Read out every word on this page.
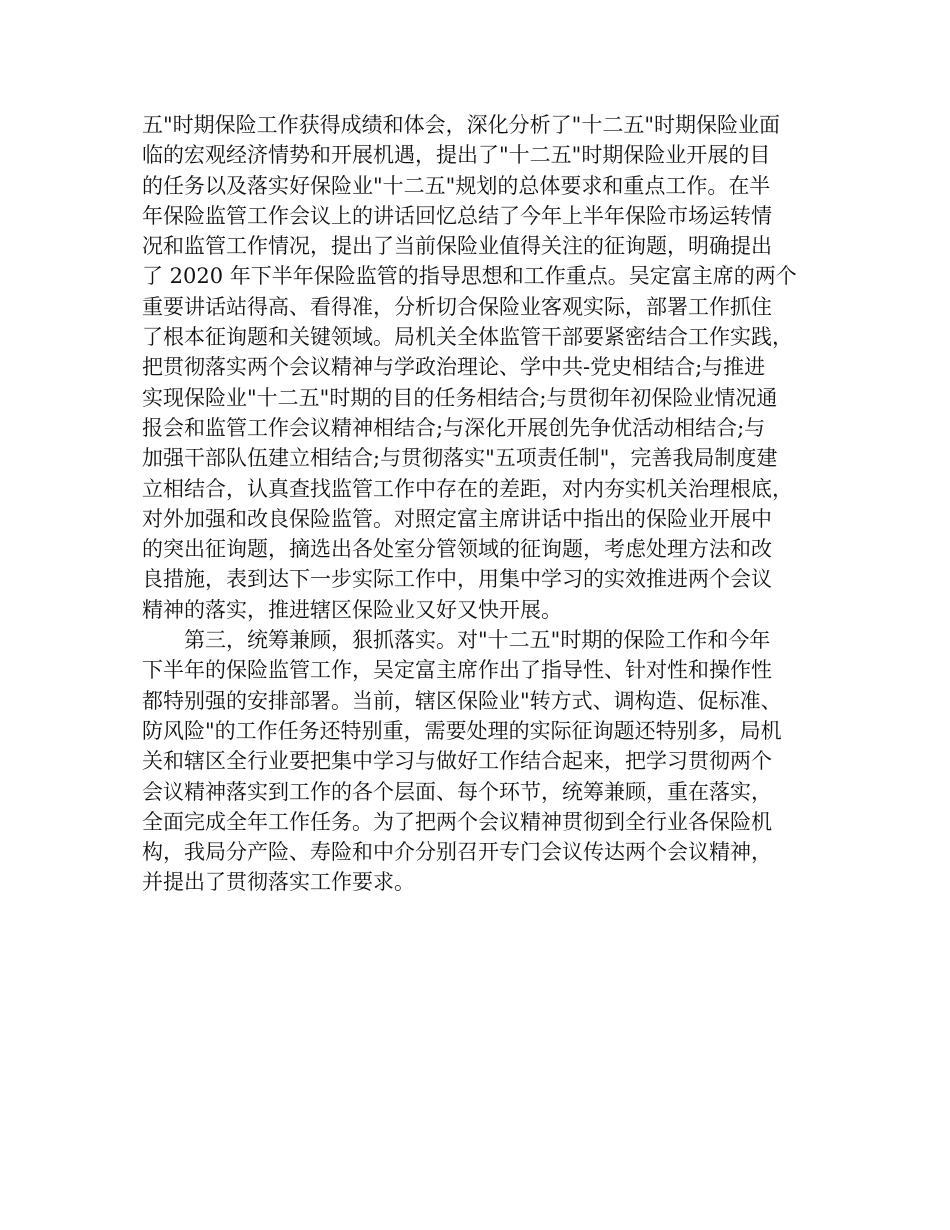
五"时期保险工作获得成绩和体会，深化分析了"十二五"时期保险业面
临的宏观经济情势和开展机遇，提出了"十二五"时期保险业开展的目
的任务以及落实好保险业"十二五"规划的总体要求和重点工作。在半
年保险监管工作会议上的讲话回忆总结了今年上半年保险市场运转情
况和监管工作情况，提出了当前保险业值得关注的征询题，明确提出
了 2020 年下半年保险监管的指导思想和工作重点。吴定富主席的两个
重要讲话站得高、看得准，分析切合保险业客观实际，部署工作抓住
了根本征询题和关键领域。局机关全体监管干部要紧密结合工作实践，
把贯彻落实两个会议精神与学政治理论、学中共-党史相结合;与推进
实现保险业"十二五"时期的目的任务相结合;与贯彻年初保险业情况通
报会和监管工作会议精神相结合;与深化开展创先争优活动相结合;与
加强干部队伍建立相结合;与贯彻落实"五项责任制"，完善我局制度建
立相结合，认真查找监管工作中存在的差距，对内夯实机关治理根底，
对外加强和改良保险监管。对照定富主席讲话中指出的保险业开展中
的突出征询题，摘选出各处室分管领域的征询题，考虑处理方法和改
良措施，表到达下一步实际工作中，用集中学习的实效推进两个会议
精神的落实，推进辖区保险业又好又快开展。
第三，统筹兼顾，狠抓落实。对"十二五"时期的保险工作和今年
下半年的保险监管工作，吴定富主席作出了指导性、针对性和操作性
都特别强的安排部署。当前，辖区保险业"转方式、调构造、促标准、
防风险"的工作任务还特别重，需要处理的实际征询题还特别多，局机
关和辖区全行业要把集中学习与做好工作结合起来，把学习贯彻两个
会议精神落实到工作的各个层面、每个环节，统筹兼顾，重在落实，
全面完成全年工作任务。为了把两个会议精神贯彻到全行业各保险机
构，我局分产险、寿险和中介分别召开专门会议传达两个会议精神，
并提出了贯彻落实工作要求。
